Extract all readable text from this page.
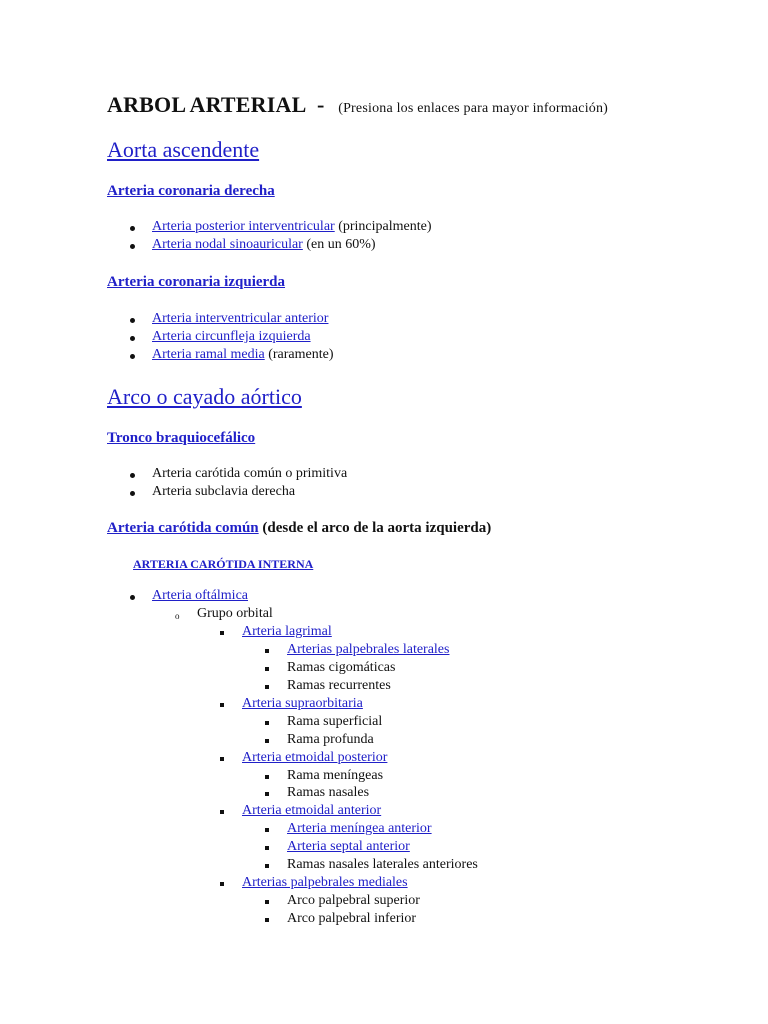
ARBOL ARTERIAL - (Presiona los enlaces para mayor información)
Aorta ascendente
Arteria coronaria derecha
Arteria posterior interventricular (principalmente)
Arteria nodal sinoauricular (en un 60%)
Arteria coronaria izquierda
Arteria interventricular anterior
Arteria circunfleja izquierda
Arteria ramal media (raramente)
Arco o cayado aórtico
Tronco braquiocefálico
Arteria carótida común o primitiva
Arteria subclavia derecha
Arteria carótida común (desde el arco de la aorta izquierda)
ARTERIA CARÓTIDA INTERNA
Arteria oftálmica
o Grupo orbital
Arteria lagrimal
Arterias palpebrales laterales
Ramas cigomáticas
Ramas recurrentes
Arteria supraorbitaria
Rama superficial
Rama profunda
Arteria etmoidal posterior
Rama meníngeas
Ramas nasales
Arteria etmoidal anterior
Arteria meníngea anterior
Arteria septal anterior
Ramas nasales laterales anteriores
Arterias palpebrales mediales
Arco palpebral superior
Arco palpebral inferior
